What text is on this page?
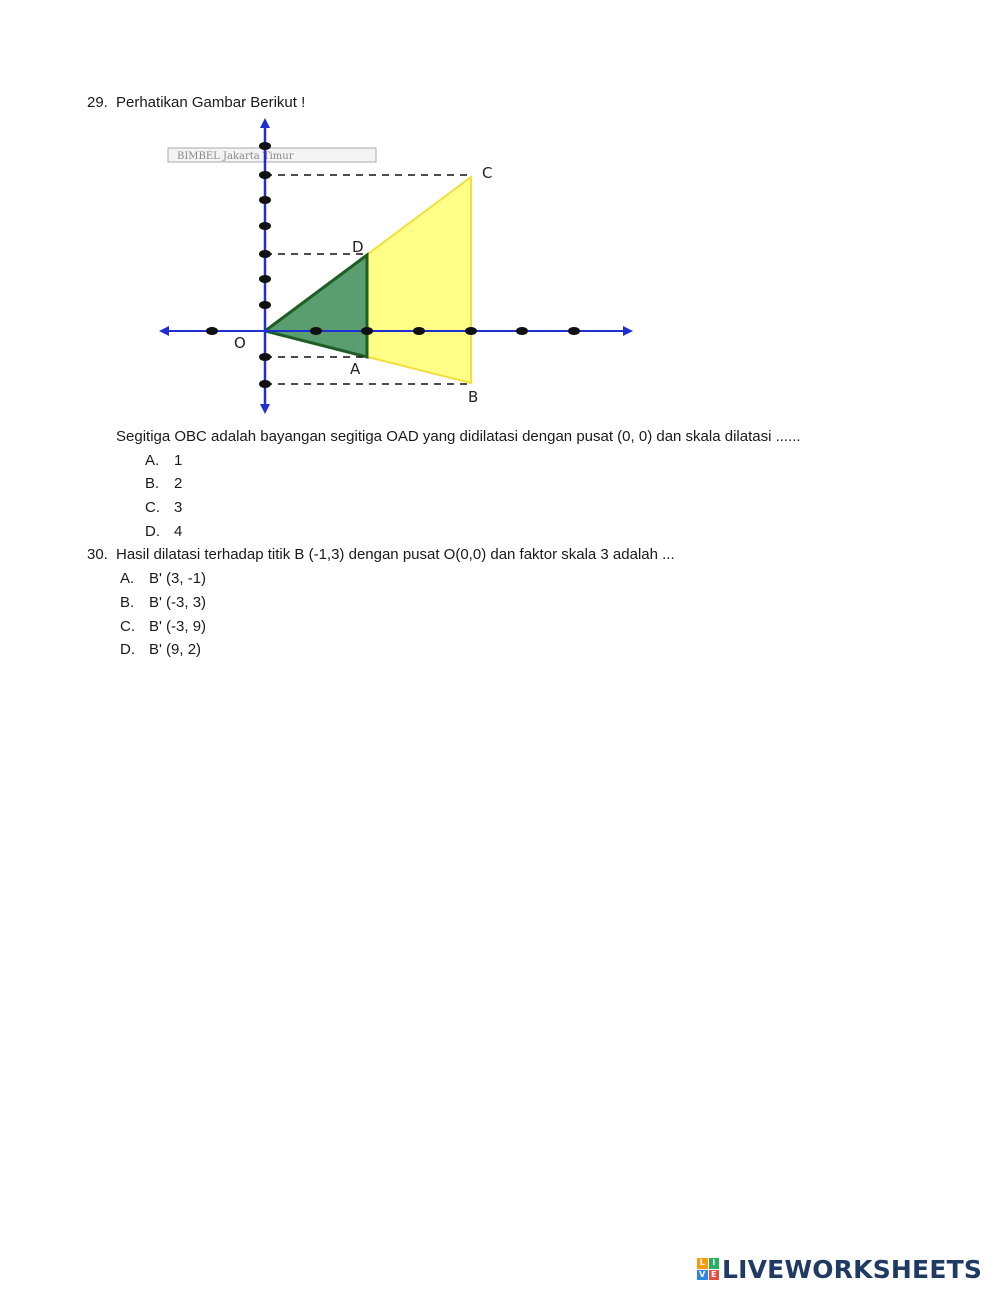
29. Perhatikan Gambar Berikut !
BIMBEL Jakarta Timur
O
A
B
C
D
Segitiga OBC adalah bayangan segitiga OAD yang didilatasi dengan pusat (0, 0) dan skala dilatasi ......
A. 1
B. 2
C. 3
D. 4
30. Hasil dilatasi terhadap titik B (-1,3) dengan pusat O(0,0) dan faktor skala 3 adalah ...
A. B' (3, -1)
B. B' (-3, 3)
C. B' (-3, 9)
D. B' (9, 2)
L I
V E LIVEWORKSHEETS
